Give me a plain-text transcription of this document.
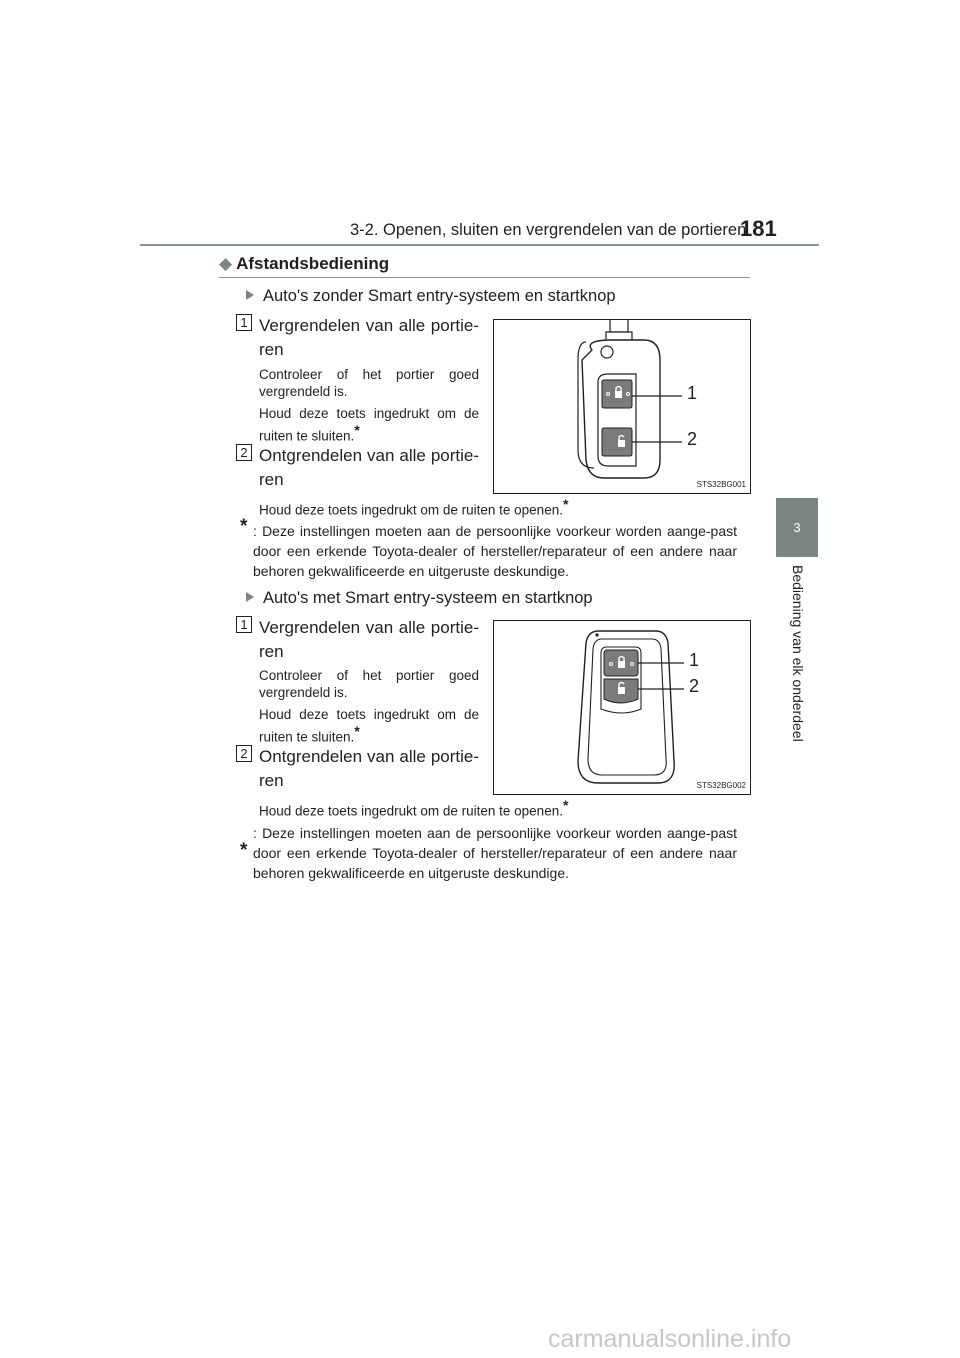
3-2. Openen, sluiten en vergrendelen van de portieren
181
3
Bediening van elk onderdeel
◆ Afstandsbediening
Auto's zonder Smart entry-systeem en startknop
1 Vergrendelen van alle portie-ren
Controleer of het portier goed vergrendeld is.
Houd deze toets ingedrukt om de ruiten te sluiten.*
2 Ontgrendelen van alle portie-ren
Houd deze toets ingedrukt om de ruiten te openen.*
1
2
STS32BG001
* : Deze instellingen moeten aan de persoonlijke voorkeur worden aange-past door een erkende Toyota-dealer of hersteller/reparateur of een andere naar behoren gekwalificeerde en uitgeruste deskundige.
Auto's met Smart entry-systeem en startknop
1 Vergrendelen van alle portie-ren
Controleer of het portier goed vergrendeld is.
Houd deze toets ingedrukt om de ruiten te sluiten.*
2 Ontgrendelen van alle portie-ren
Houd deze toets ingedrukt om de ruiten te openen.*
1
2
STS32BG002
*
: Deze instellingen moeten aan de persoonlijke voorkeur worden aange-past door een erkende Toyota-dealer of hersteller/reparateur of een andere naar behoren gekwalificeerde en uitgeruste deskundige.
carmanualsonline.info
